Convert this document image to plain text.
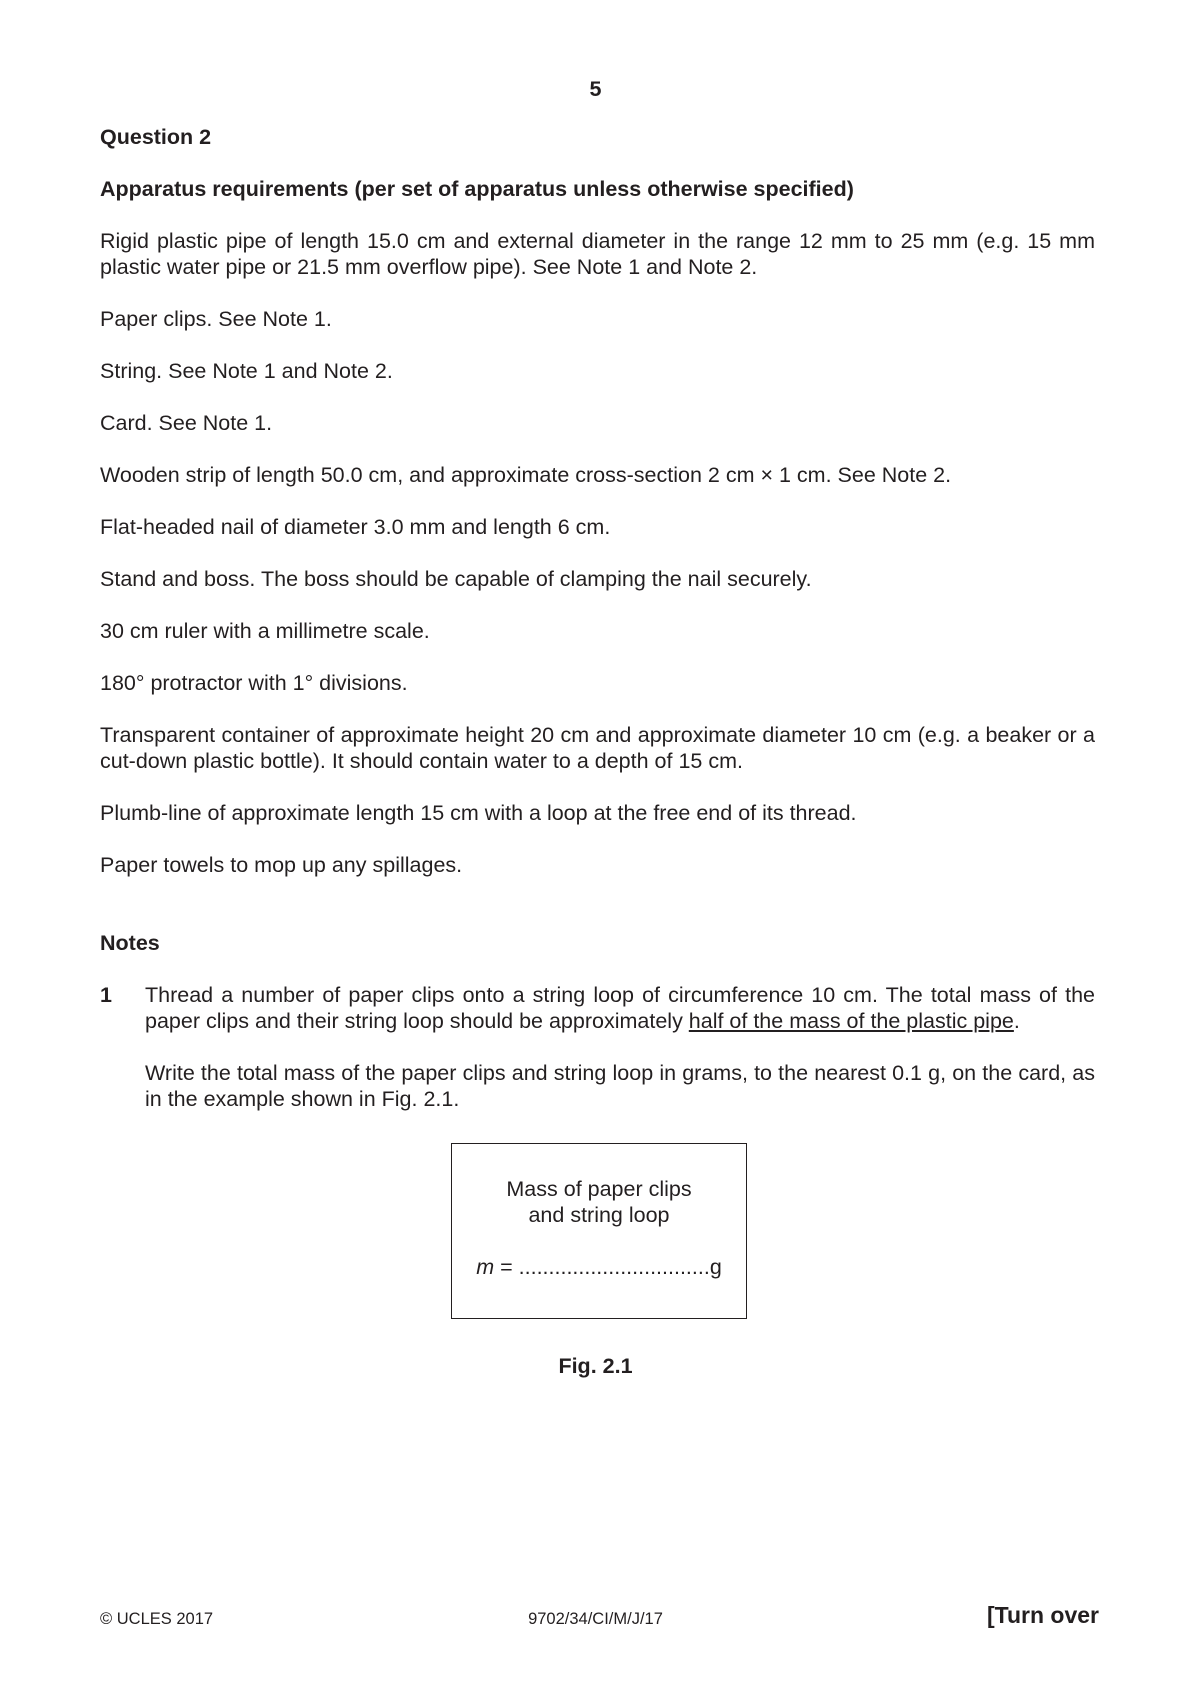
5
Question 2
Apparatus requirements (per set of apparatus unless otherwise specified)
Rigid plastic pipe of length 15.0 cm and external diameter in the range 12 mm to 25 mm (e.g. 15 mm plastic water pipe or 21.5 mm overflow pipe). See Note 1 and Note 2.
Paper clips. See Note 1.
String. See Note 1 and Note 2.
Card. See Note 1.
Wooden strip of length 50.0 cm, and approximate cross-section 2 cm × 1 cm. See Note 2.
Flat-headed nail of diameter 3.0 mm and length 6 cm.
Stand and boss. The boss should be capable of clamping the nail securely.
30 cm ruler with a millimetre scale.
180° protractor with 1° divisions.
Transparent container of approximate height 20 cm and approximate diameter 10 cm (e.g. a beaker or a cut-down plastic bottle). It should contain water to a depth of 15 cm.
Plumb-line of approximate length 15 cm with a loop at the free end of its thread.
Paper towels to mop up any spillages.
Notes
1 Thread a number of paper clips onto a string loop of circumference 10 cm. The total mass of the paper clips and their string loop should be approximately half of the mass of the plastic pipe.
Write the total mass of the paper clips and string loop in grams, to the nearest 0.1 g, on the card, as in the example shown in Fig. 2.1.
Mass of paper clips
and string loop
m = ................................g
Fig. 2.1
© UCLES 2017	9702/34/CI/M/J/17	[Turn over
